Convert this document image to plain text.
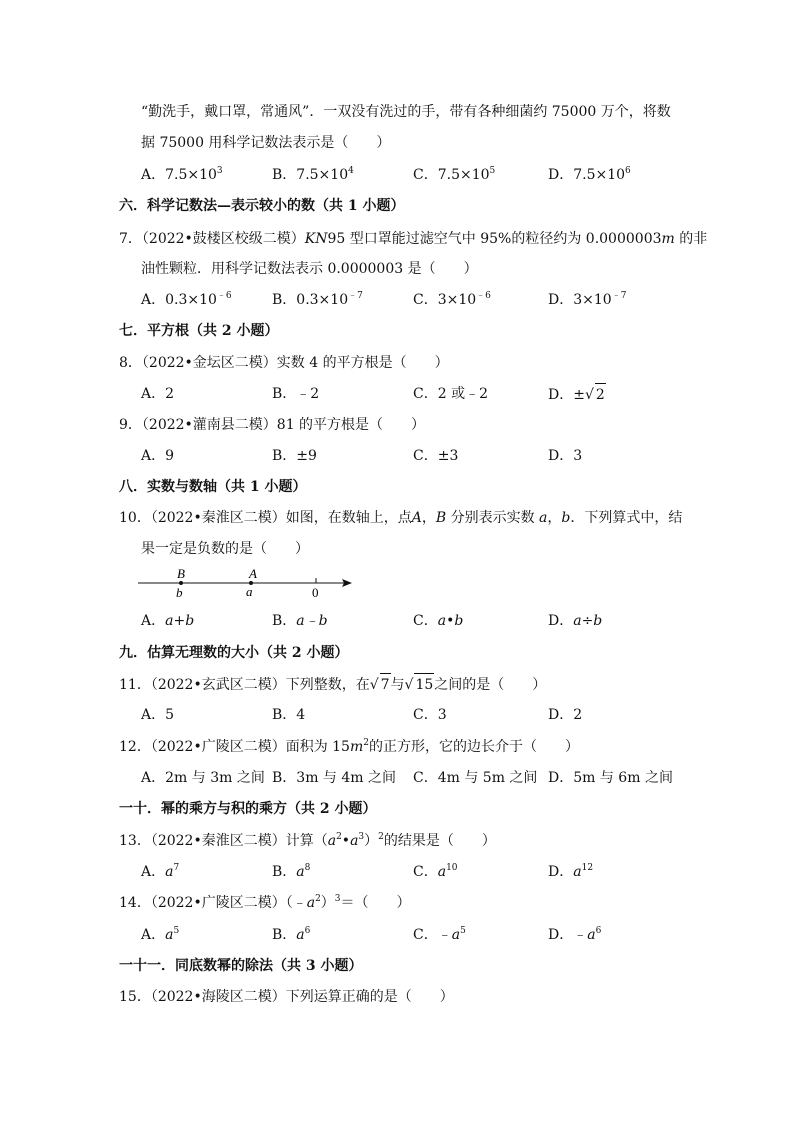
“勤洗手，戴口罩，常通风”．一双没有洗过的手，带有各种细菌约 75000 万个，将数
据 75000 用科学记数法表示是（　　）
A．$7.5\times 10^3$	B．$7.5\times 10^4$	C．$7.5\times 10^5$	D．$7.5\times 10^6$
六．科学记数法—表示较小的数（共 1 小题）
7．（2022•鼓楼区校级二模）KN95 型口罩能过滤空气中 95%的粒径约为 0.0000003m 的非
油性颗粒．用科学记数法表示 0.0000003 是（　　）
A．$0.3\times 10^{﹣6}$	B．$0.3\times 10^{﹣7}$	C．$3\times 10^{﹣6}$	D．$3\times 10^{﹣7}$
七．平方根（共 2 小题）
8．（2022•金坛区二模）实数 4 的平方根是（　　）
A．2	B．﹣2	C．2 或﹣2	D．±√ 2
9．（2022•灌南县二模）81 的平方根是（　　）
A．9	B．±9	C．±3	D．3
八．实数与数轴（共 1 小题）
10．（2022•秦淮区二模）如图，在数轴上，点A，B 分别表示实数 a，b．下列算式中，结
果一定是负数的是（　　）
B	A
b	a	0
A．a+b	B．a﹣b	C．a•b	D．a÷b
九．估算无理数的大小（共 2 小题）
11．（2022•玄武区二模）下列整数，在√ 7与√ 15之间的是（　　）
A．5	B．4	C．3	D．2
12．（2022•广陵区二模）面积为 $15m^2$的正方形，它的边长介于（　　）
A．2m 与 3m 之间 B．3m 与 4m 之间 C．4m 与 5m 之间 D．5m 与 6m 之间
一十．幂的乘方与积的乘方（共 2 小题）
13．（2022•秦淮区二模）计算$(a^2•a^3)^2$的结果是（　　）
A．$a^7$	B．$a^8$	C．$a^{10}$	D．$a^{12}$
14．（2022•广陵区二模）$(﹣a^2)^3=$（　　）
A．$a^5$	B．$a^6$	C．$﹣a^5$	D．$﹣a^6$
一十一．同底数幂的除法（共 3 小题）
15．（2022•海陵区二模）下列运算正确的是（　　）
